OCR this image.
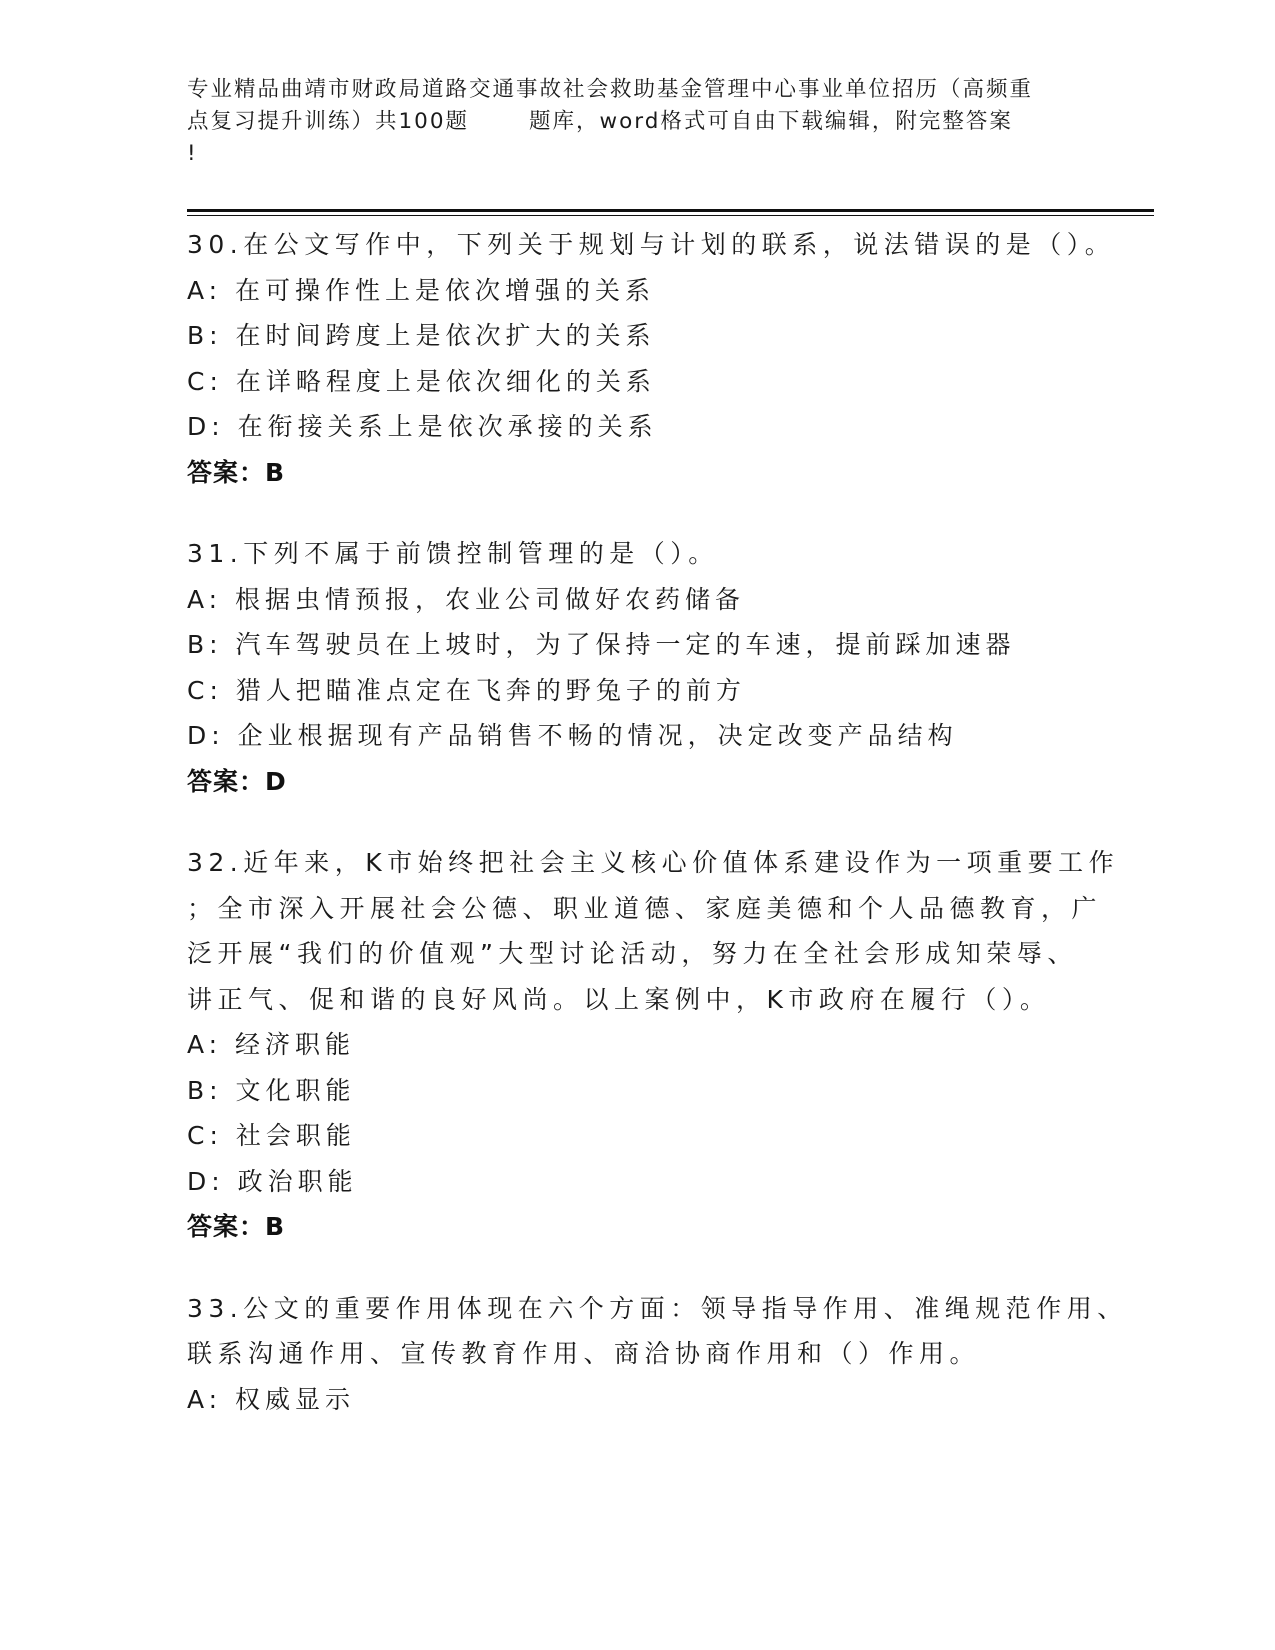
专业精品曲靖市财政局道路交通事故社会救助基金管理中心事业单位招历（高频重
点复习提升训练）共100题	题库，word格式可自由下载编辑，附完整答案
!
30.在公文写作中，下列关于规划与计划的联系，说法错误的是（）。
A: 在可操作性上是依次增强的关系
B: 在时间跨度上是依次扩大的关系
C: 在详略程度上是依次细化的关系
D: 在衔接关系上是依次承接的关系
答案：B
31.下列不属于前馈控制管理的是（）。
A: 根据虫情预报，农业公司做好农药储备
B: 汽车驾驶员在上坡时，为了保持一定的车速，提前踩加速器
C: 猎人把瞄准点定在飞奔的野兔子的前方
D: 企业根据现有产品销售不畅的情况，决定改变产品结构
答案：D
32.近年来，K市始终把社会主义核心价值体系建设作为一项重要工作
；全市深入开展社会公德、职业道德、家庭美德和个人品德教育，广
泛开展“我们的价值观”大型讨论活动，努力在全社会形成知荣辱、
讲正气、促和谐的良好风尚。以上案例中，K市政府在履行（）。
A: 经济职能
B: 文化职能
C: 社会职能
D: 政治职能
答案：B
33.公文的重要作用体现在六个方面：领导指导作用、准绳规范作用、
联系沟通作用、宣传教育作用、商洽协商作用和（）作用。
A: 权威显示
